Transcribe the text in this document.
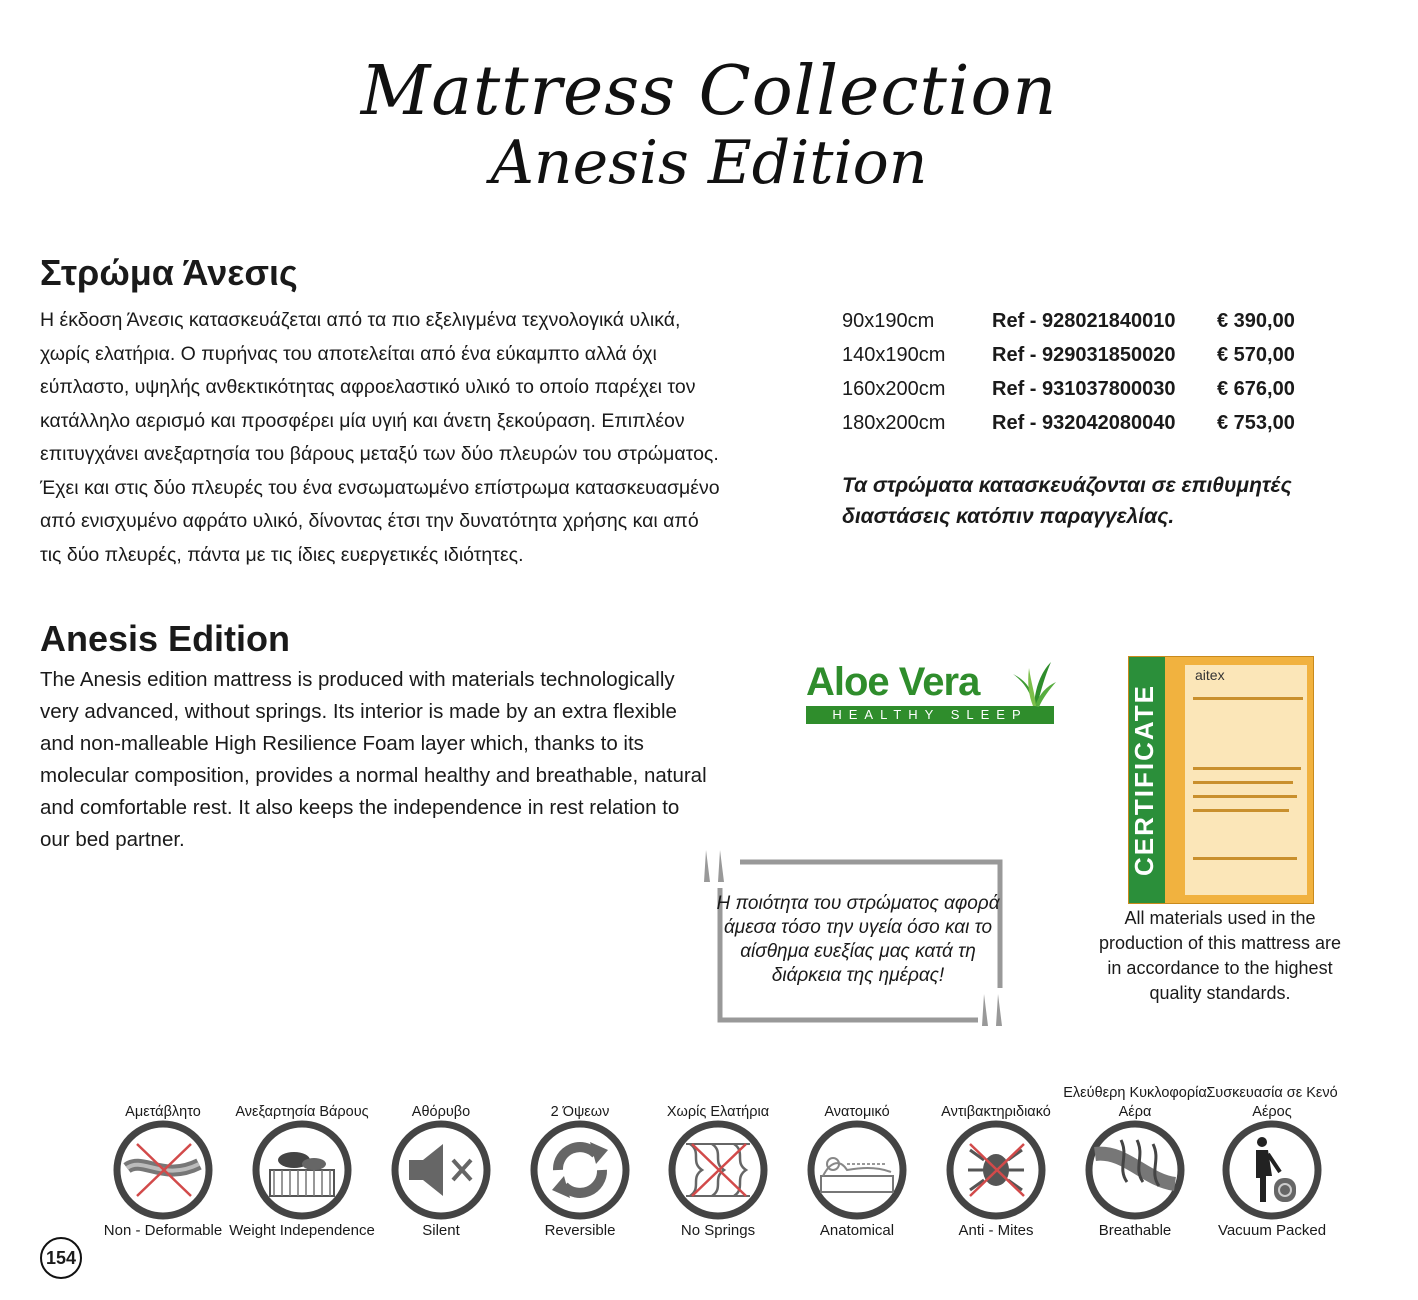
Mattress Collection
Anesis Edition
Στρώμα Άνεσις

Η έκδοση Άνεσις κατασκευάζεται από τα πιο εξελιγμένα τεχνολογικά υλικά, χωρίς ελατήρια. Ο πυρήνας του αποτελείται από ένα εύκαμπτο αλλά όχι εύπλαστο, υψηλής ανθεκτικότητας αφροελαστικό υλικό το οποίο παρέχει τον κατάλληλο αερισμό και προσφέρει μία υγιή και άνετη ξεκούραση. Επιπλέον επιτυγχάνει ανεξαρτησία του βάρους μεταξύ των δύο πλευρών του στρώματος. Έχει και στις δύο πλευρές του ένα ενσωματωμένο επίστρωμα κατασκευασμένο από ενισχυμένο αφράτο υλικό, δίνοντας έτσι την δυνατότητα χρήσης και από τις δύο πλευρές, πάντα με τις ίδιες ευεργετικές ιδιότητες.

Anesis Edition

The Anesis edition mattress is produced with materials technologically very advanced, without springs. Its interior is made by an extra flexible and non-malleable High Resilience Foam layer which, thanks to its molecular composition, provides a normal healthy and breathable, natural and comfortable rest. It also keeps the independence in rest relation to our bed partner.

90x190cm	Ref - 928021840010 € 390,00
140x190cm Ref - 929031850020 € 570,00
160x200cm Ref - 931037800030 € 676,00
180x200cm Ref - 932042080040 € 753,00

Τα στρώματα κατασκευάζονται σε επιθυμητές διαστάσεις κατόπιν παραγγελίας.

Aloe Vera
HEALTHY SLEEP

Η ποιότητα του στρώματος αφορά άμεσα τόσο την υγεία όσο και το αίσθημα ευεξίας μας κατά τη διάρκεια της ημέρας!

CERTIFICATE
aitex

All materials used in the production of this mattress are in accordance to the highest quality standards.

Αμετάβλητο
Non - Deformable
Ανεξαρτησία Βάρους
Weight Independence
Αθόρυβο
Silent
2 Όψεων
Reversible
Χωρίς Ελατήρια
No Springs
Ανατομικό
Anatomical
Αντιβακτηριδιακό
Anti - Mites
Ελεύθερη Κυκλοφορία Αέρα
Breathable
Συσκευασία σε Κενό Αέρος
Vacuum Packed
154
